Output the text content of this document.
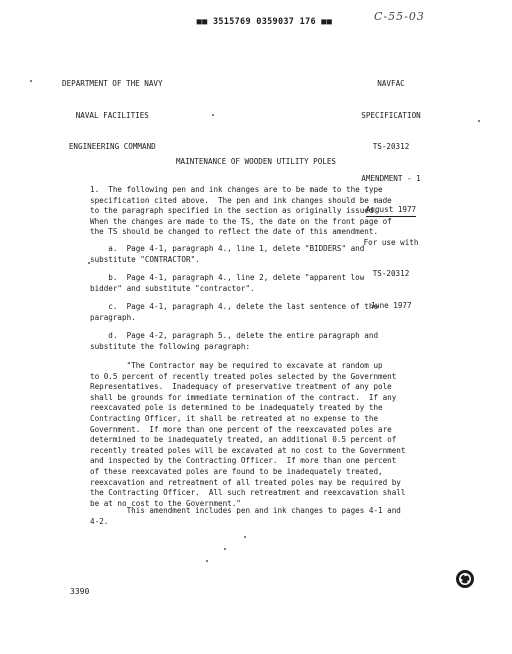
■■ 3515769 0359037 176 ■■
	C-55-03

DEPARTMENT OF THE NAVY

NAVAL FACILITIES

ENGINEERING COMMAND

NAVFAC

SPECIFICATION

TS-20312

AMENDMENT - 1

August 1977

For use with

TS-20312

June 1977

MAINTENANCE OF WOODEN UTILITY POLES
1.  The following pen and ink changes are to be made to the type
specification cited above.  The pen and ink changes should be made
to the paragraph specified in the section as originally issued.
When the changes are made to the TS, the date on the front page of
the TS should be changed to reflect the date of this amendment.
a.  Page 4-1, paragraph 4., line 1, delete "BIDDERS" and
substitute "CONTRACTOR".
b.  Page 4-1, paragraph 4., line 2, delete "apparent low
bidder" and substitute "contractor".
c.  Page 4-1, paragraph 4., delete the last sentence of the
paragraph.
d.  Page 4-2, paragraph 5., delete the entire paragraph and
substitute the following paragraph:
"The Contractor may be required to excavate at random up
to 0.5 percent of recently treated poles selected by the Government
Representatives.  Inadequacy of preservative treatment of any pole
shall be grounds for immediate termination of the contract.  If any
reexcavated pole is determined to be inadequately treated by the
Contracting Officer, it shall be retreated at no expense to the
Government.  If more than one percent of the reexcavated poles are
determined to be inadequately treated, an additional 0.5 percent of
recently treated poles will be excavated at no cost to the Government
and inspected by the Contracting Officer.  If more than one percent
of these reexcavated poles are found to be inadequately treated,
reexcavation and retreatment of all treated poles may be required by
the Contracting Officer.  All such retreatment and reexcavation shall
be at no cost to the Government."
This amendment includes pen and ink changes to pages 4-1 and
4-2.
3390
